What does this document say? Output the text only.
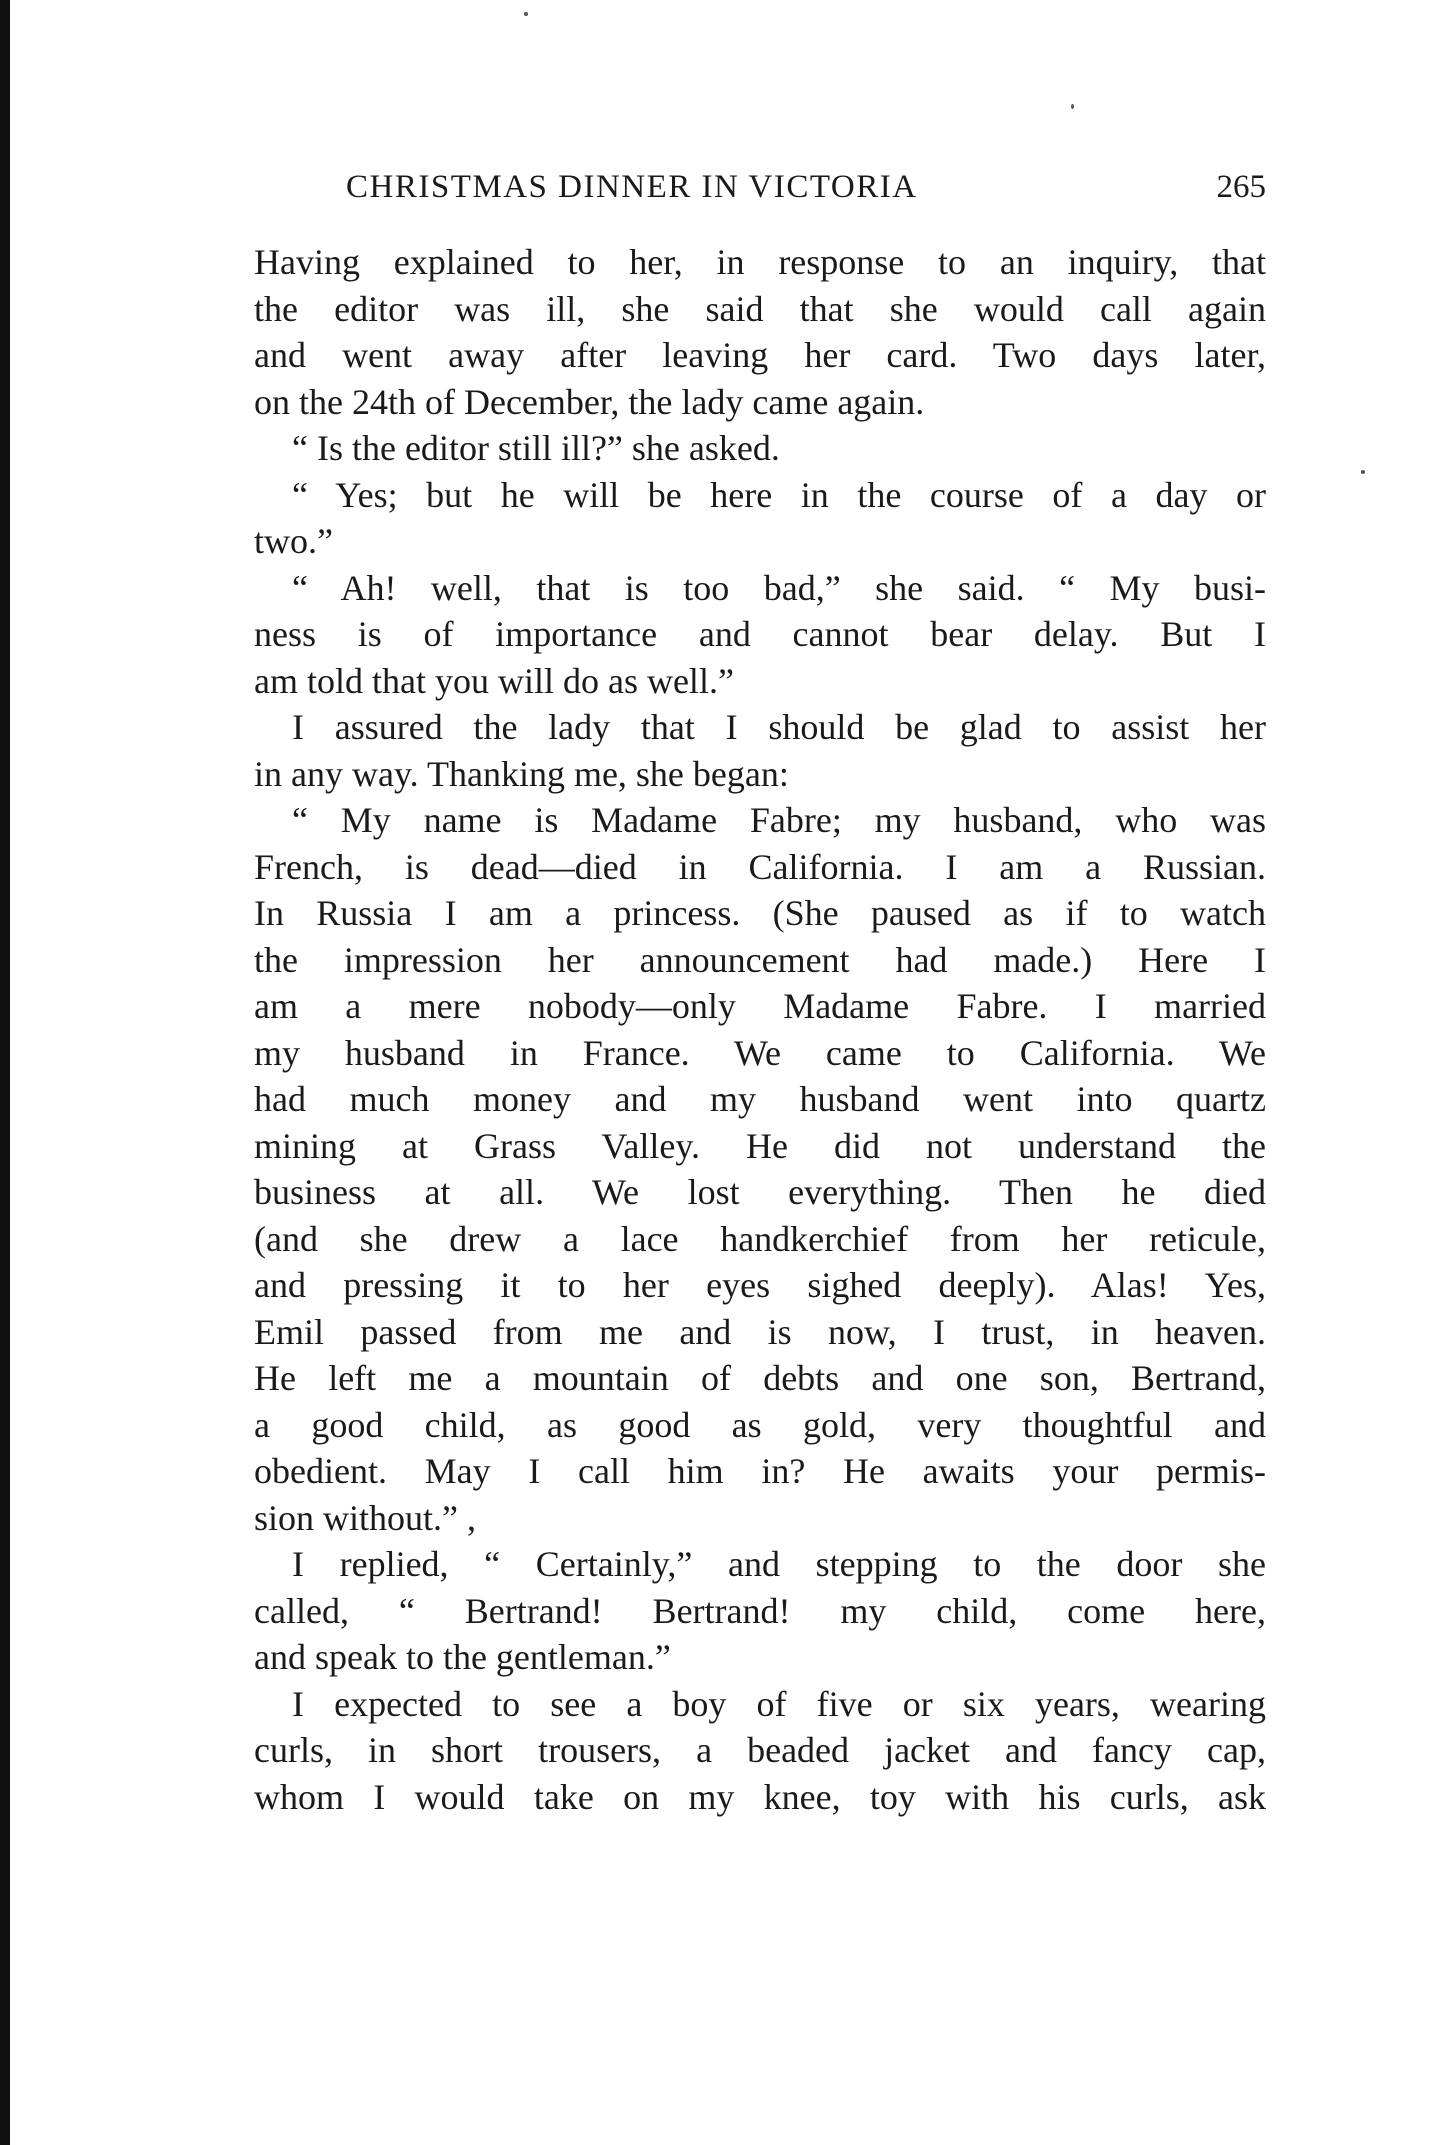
CHRISTMAS DINNER IN VICTORIA	265
Having explained to her, in response to an inquiry, that
the editor was ill, she said that she would call again
and went away after leaving her card. Two days later,
on the 24th of December, the lady came again.
“ Is the editor still ill?” she asked.
“ Yes; but he will be here in the course of a day or
two.”
“ Ah! well, that is too bad,” she said. “ My busi-
ness is of importance and cannot bear delay. But I
am told that you will do as well.”
I assured the lady that I should be glad to assist her
in any way. Thanking me, she began:
“ My name is Madame Fabre; my husband, who was
French, is dead—died in California. I am a Russian.
In Russia I am a princess. (She paused as if to watch
the impression her announcement had made.) Here I
am a mere nobody—only Madame Fabre. I married
my husband in France. We came to California. We
had much money and my husband went into quartz
mining at Grass Valley. He did not understand the
business at all. We lost everything. Then he died
(and she drew a lace handkerchief from her reticule,
and pressing it to her eyes sighed deeply). Alas! Yes,
Emil passed from me and is now, I trust, in heaven.
He left me a mountain of debts and one son, Bertrand,
a good child, as good as gold, very thoughtful and
obedient. May I call him in? He awaits your permis-
sion without.” ,
I replied, “ Certainly,” and stepping to the door she
called, “ Bertrand! Bertrand! my child, come here,
and speak to the gentleman.”
I expected to see a boy of five or six years, wearing
curls, in short trousers, a beaded jacket and fancy cap,
whom I would take on my knee, toy with his curls, ask
